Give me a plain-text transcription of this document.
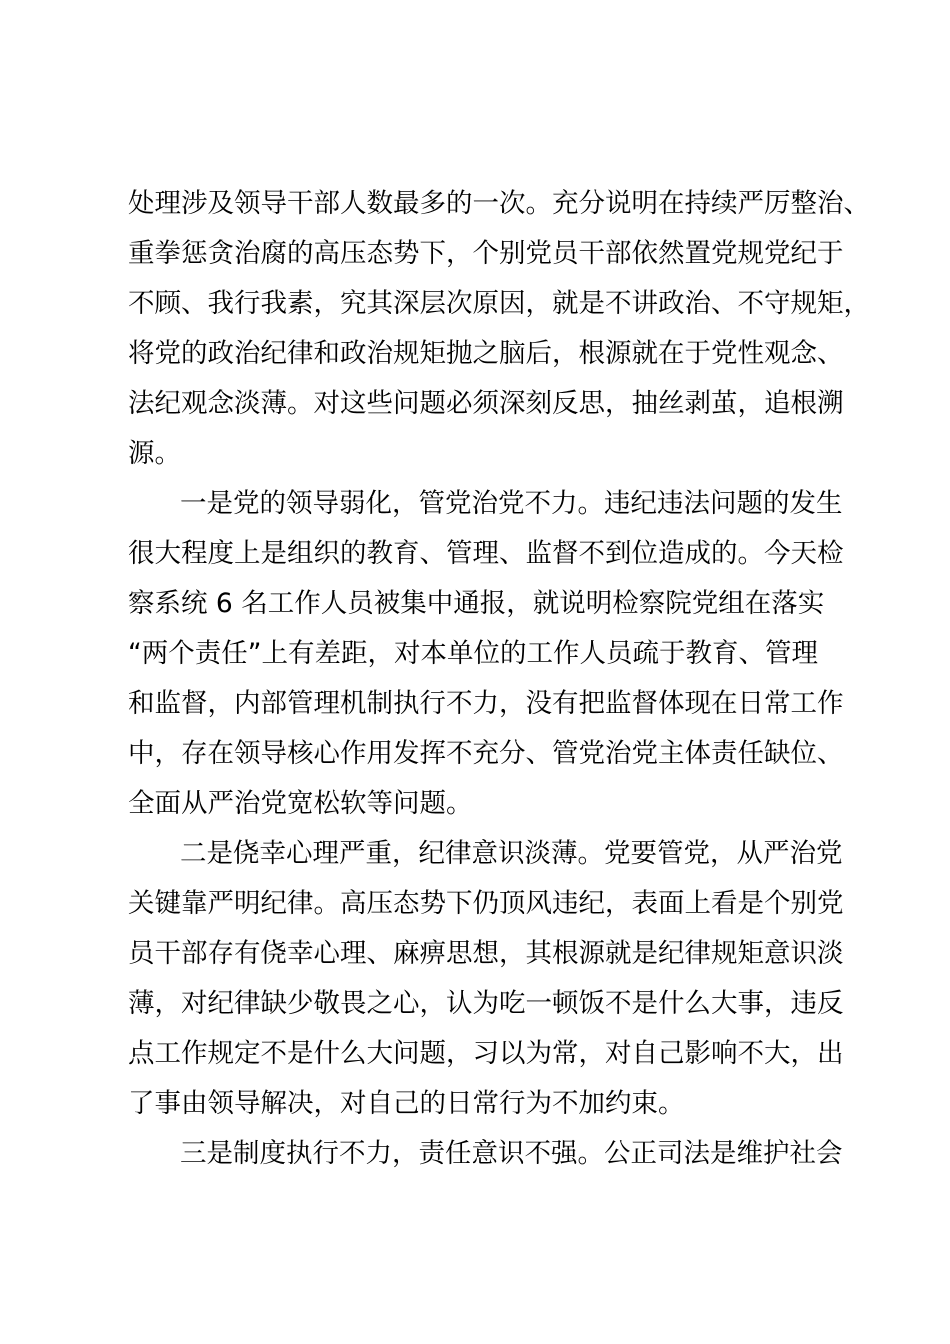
处理涉及领导干部人数最多的一次。充分说明在持续严厉整治、
重拳惩贪治腐的高压态势下，个别党员干部依然置党规党纪于
不顾、我行我素，究其深层次原因，就是不讲政治、不守规矩，
将党的政治纪律和政治规矩抛之脑后，根源就在于党性观念、
法纪观念淡薄。对这些问题必须深刻反思，抽丝剥茧，追根溯
源。
一是党的领导弱化，管党治党不力。违纪违法问题的发生
很大程度上是组织的教育、管理、监督不到位造成的。今天检
察系统 6 名工作人员被集中通报，就说明检察院党组在落实
“两个责任”上有差距，对本单位的工作人员疏于教育、管理
和监督，内部管理机制执行不力，没有把监督体现在日常工作
中，存在领导核心作用发挥不充分、管党治党主体责任缺位、
全面从严治党宽松软等问题。
二是侥幸心理严重，纪律意识淡薄。党要管党，从严治党
关键靠严明纪律。高压态势下仍顶风违纪，表面上看是个别党
员干部存有侥幸心理、麻痹思想，其根源就是纪律规矩意识淡
薄，对纪律缺少敬畏之心，认为吃一顿饭不是什么大事，违反
点工作规定不是什么大问题，习以为常，对自己影响不大，出
了事由领导解决，对自己的日常行为不加约束。
三是制度执行不力，责任意识不强。公正司法是维护社会
